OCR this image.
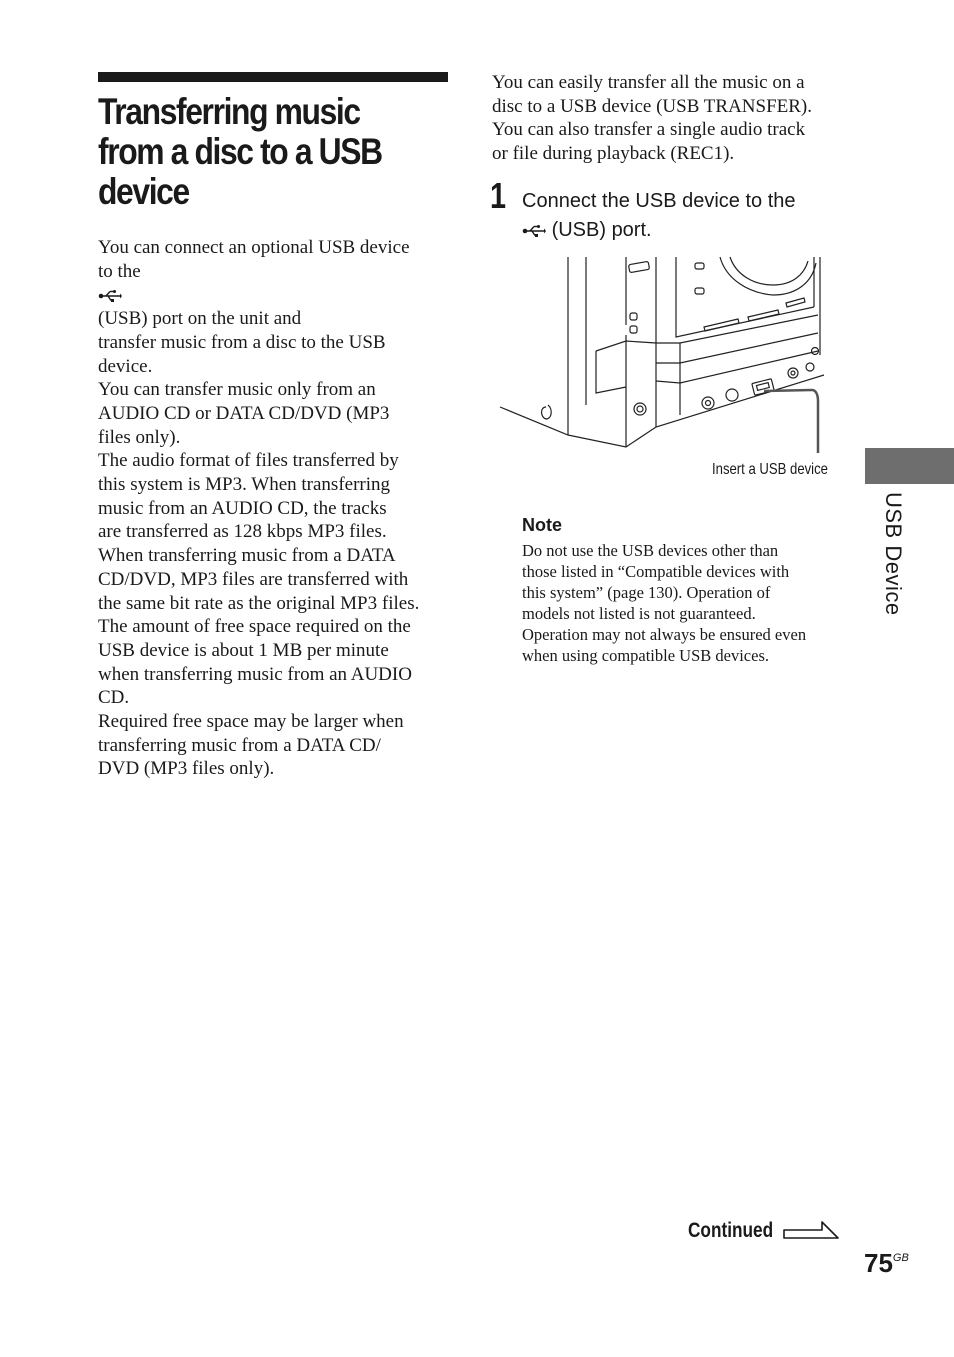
Transferring music
from a disc to a USB
device

You can connect an optional USB device
to the
(USB) port on the unit and
transfer music from a disc to the USB
device.

You can transfer music only from an
AUDIO CD or DATA CD/DVD (MP3
files only).

The audio format of files transferred by
this system is MP3. When transferring
music from an AUDIO CD, the tracks
are transferred as 128 kbps MP3 files.
When transferring music from a DATA
CD/DVD, MP3 files are transferred with
the same bit rate as the original MP3 files.
The amount of free space required on the
USB device is about 1 MB per minute
when transferring music from an AUDIO
CD.

Required free space may be larger when
transferring music from a DATA CD/
DVD (MP3 files only).

You can easily transfer all the music on a
disc to a USB device (USB TRANSFER).
You can also transfer a single audio track
or file during playback (REC1).

1 Connect the USB device to the
(USB) port.
Insert a USB device
Note
Do not use the USB devices other than
those listed in “Compatible devices with
this system” (page 130). Operation of
models not listed is not guaranteed.
Operation may not always be ensured even
when using compatible USB devices.
USB Device
Continued
$75^{GB}$
